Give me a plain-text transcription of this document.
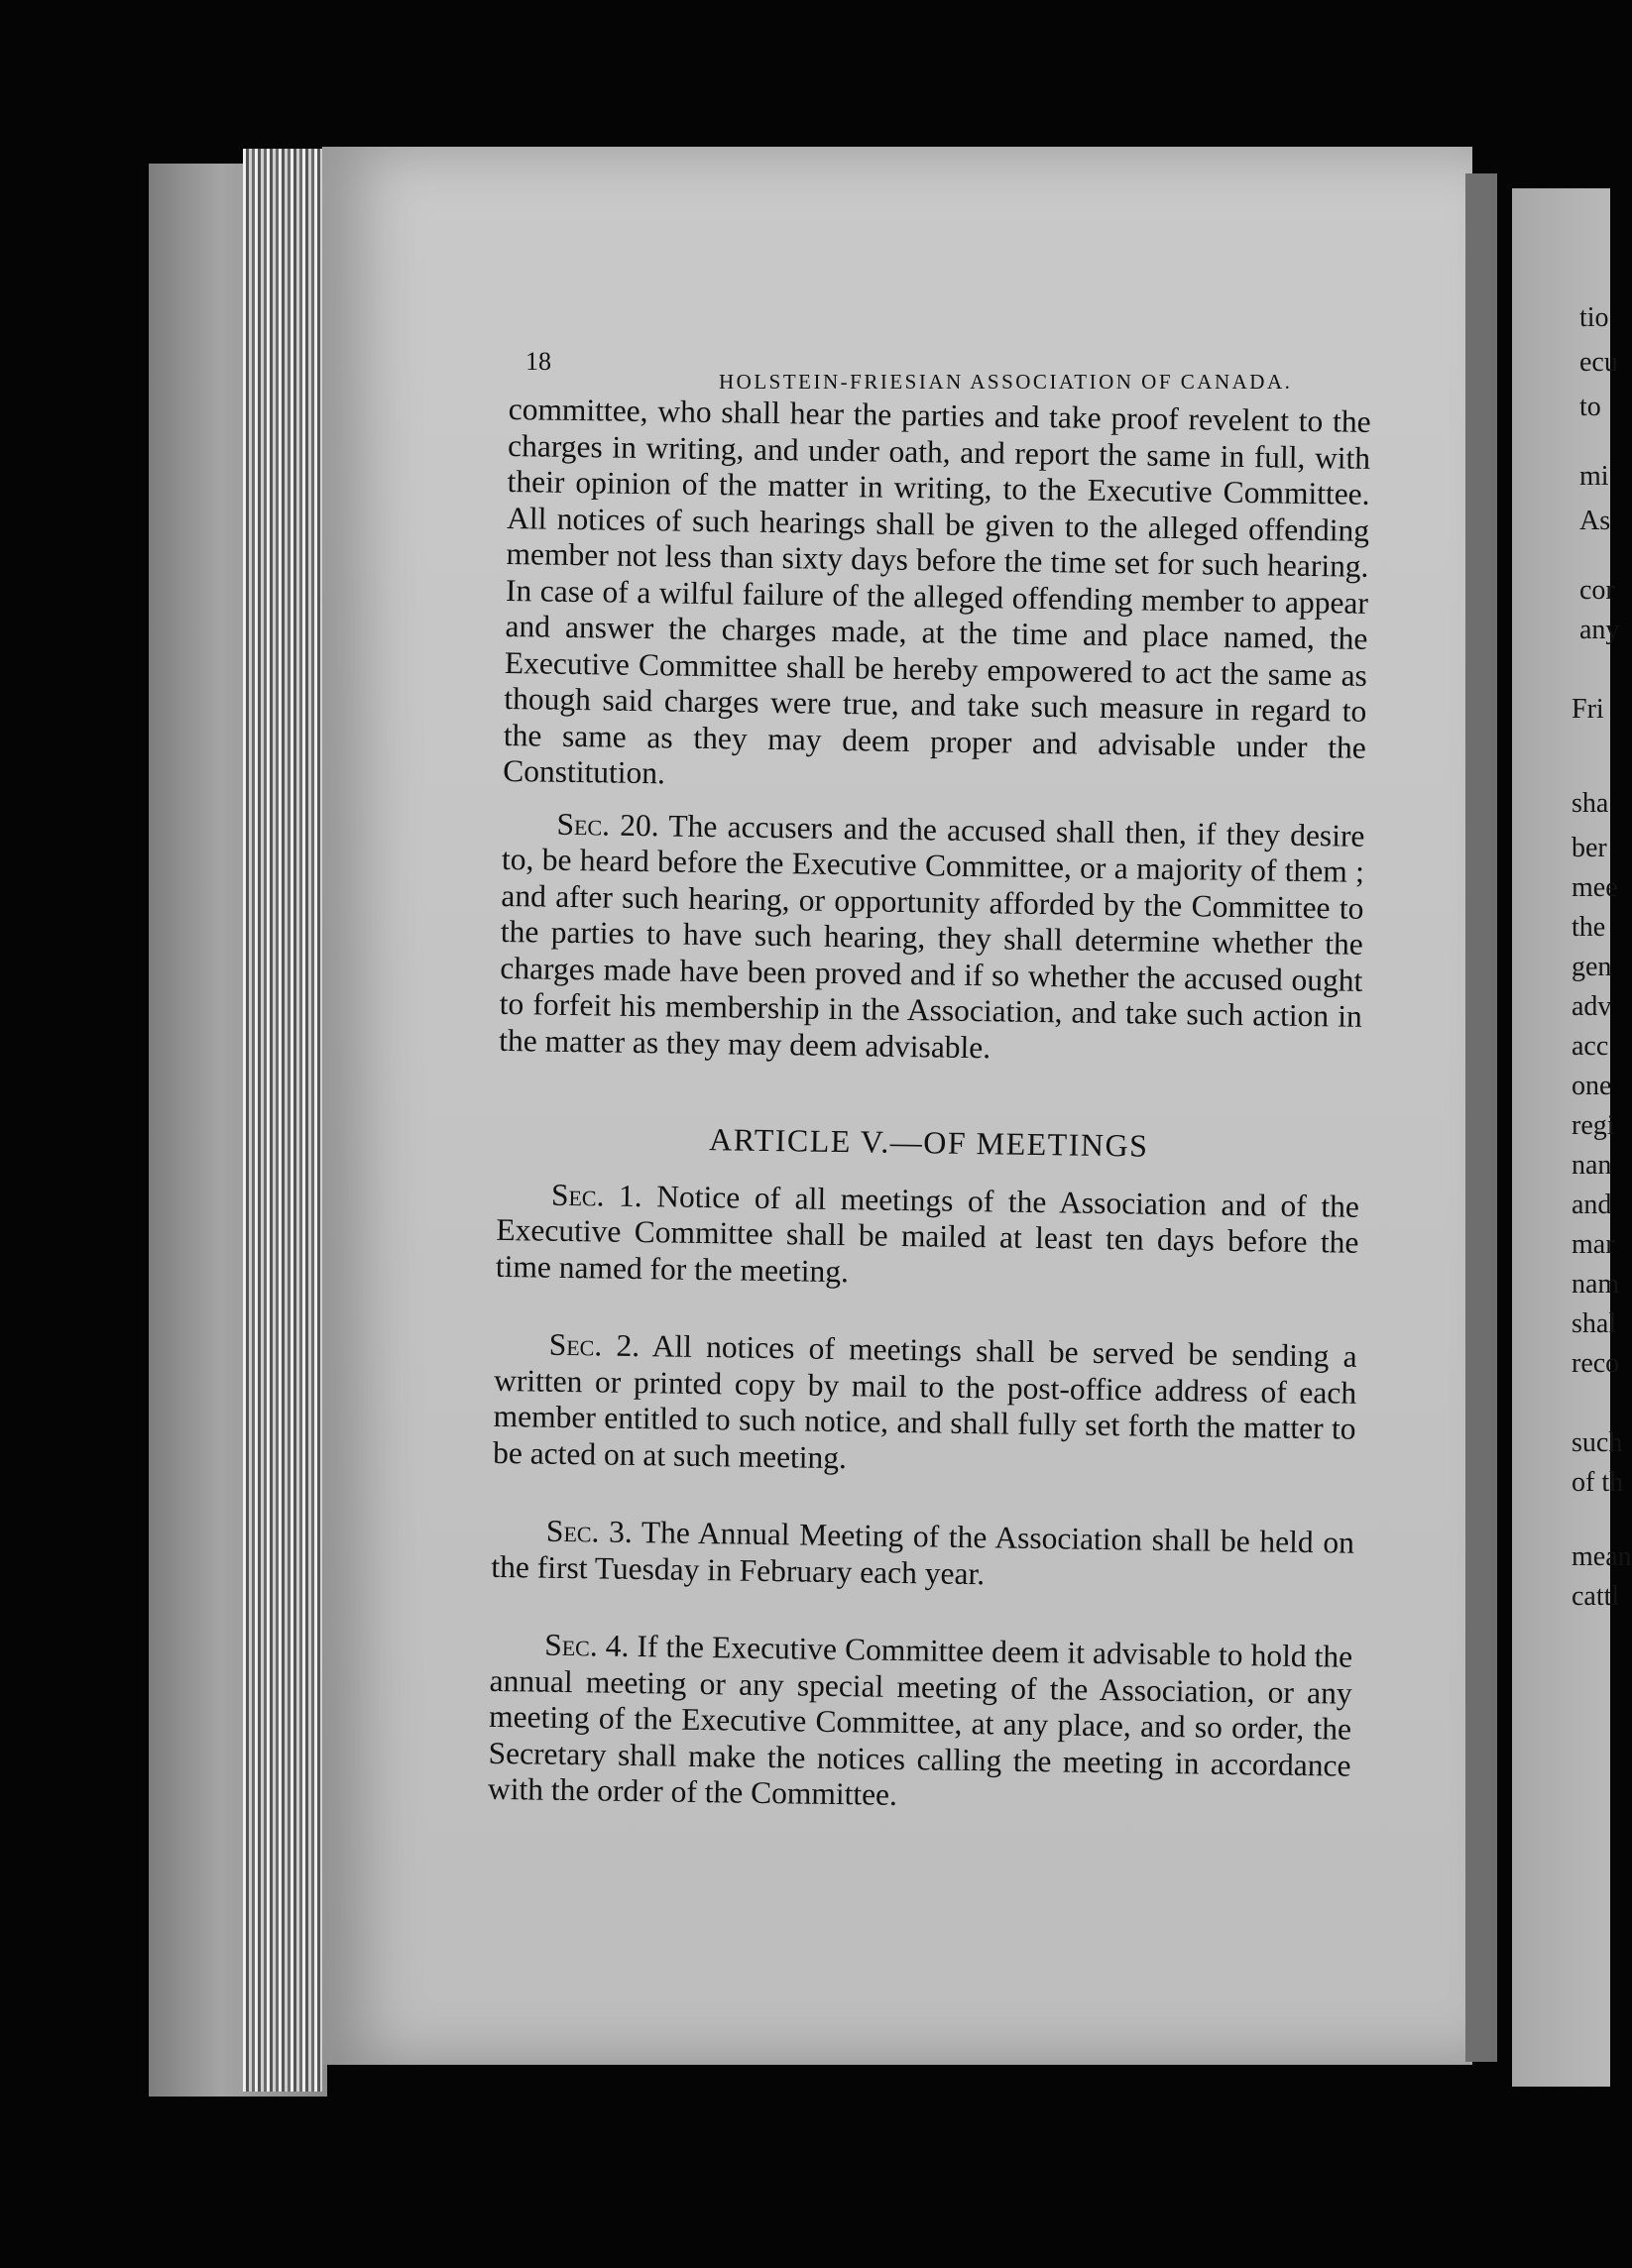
tio
ecu
to
mi
As
cor
any
Fri
sha
ber
mee
the
gen
adv
acc
one
regi
nan
and
mar
nam
shal
reco
such
of th
mean
cattl
18
HOLSTEIN-FRIESIAN ASSOCIATION OF CANADA.

committee, who shall hear the parties and take proof revelent to the charges in writing, and under oath, and report the same in full, with their opinion of the matter in writing, to the Executive Committee. All notices of such hearings shall be given to the alleged offending member not less than sixty days before the time set for such hearing. In case of a wilful failure of the alleged offending member to appear and answer the charges made, at the time and place named, the Executive Committee shall be hereby empowered to act the same as though said charges were true, and take such measure in regard to the same as they may deem proper and advisable under the Constitution.

Sec. 20. The accusers and the accused shall then, if they desire to, be heard before the Executive Committee, or a majority of them ; and after such hearing, or opportunity afforded by the Committee to the parties to have such hearing, they shall determine whether the charges made have been proved and if so whether the accused ought to forfeit his membership in the Association, and take such action in the matter as they may deem advisable.

ARTICLE V.—OF MEETINGS

Sec. 1. Notice of all meetings of the Association and of the Executive Committee shall be mailed at least ten days before the time named for the meeting.

Sec. 2. All notices of meetings shall be served be sending a written or printed copy by mail to the post-office address of each member entitled to such notice, and shall fully set forth the matter to be acted on at such meeting.

Sec. 3. The Annual Meeting of the Association shall be held on the first Tuesday in February each year.

Sec. 4. If the Executive Committee deem it advisable to hold the annual meeting or any special meeting of the Association, or any meeting of the Executive Committee, at any place, and so order, the Secretary shall make the notices calling the meeting in accordance with the order of the Committee.
